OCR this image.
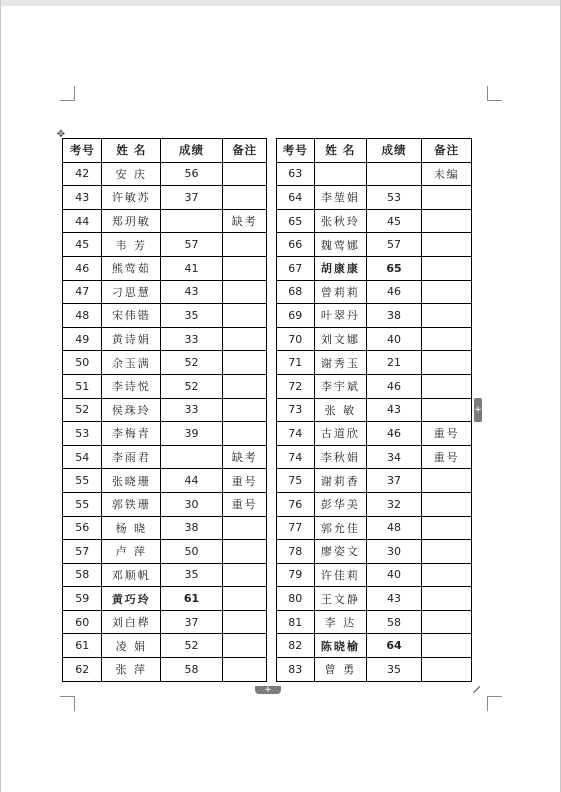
✥
考号	姓 名	成绩	备注		考号	姓 名	成绩	备注
42	安 庆	56			63			未编
43	许敏苏	37			64	李堃娟	53	
44	郑玥敏		缺考		65	张秋玲	45	
45	韦 芳	57			66	魏莺娜	57	
46	熊莺茹	41			67	胡康康	65	
47	刁思慧	43			68	曾莉莉	46	
48	宋伟锴	35			69	叶翠丹	38	
49	黄诗娟	33			70	刘文娜	40	
50	余玉满	52			71	谢秀玉	21	
51	李诗悦	52			72	李宇斌	46	
52	侯珠玲	33			73	张 敏	43	
53	李梅青	39			74	古道欣	46	重号
54	李雨君		缺考		74	李秋娟	34	重号
55	张晓珊	44	重号		75	谢莉香	37	
55	郭铁珊	30	重号		76	彭华美	32	
56	杨 晓	38			77	郭允佳	48	
57	卢 萍	50			78	廖姿文	30	
58	邓顺帆	35			79	许佳莉	40	
59	黄巧玲	61			80	王文静	43	
60	刘白桦	37			81	李 达	58	
61	凌 娟	52			82	陈晓榆	64	
62	张 萍	58			83	曾 勇	35	
+
+
